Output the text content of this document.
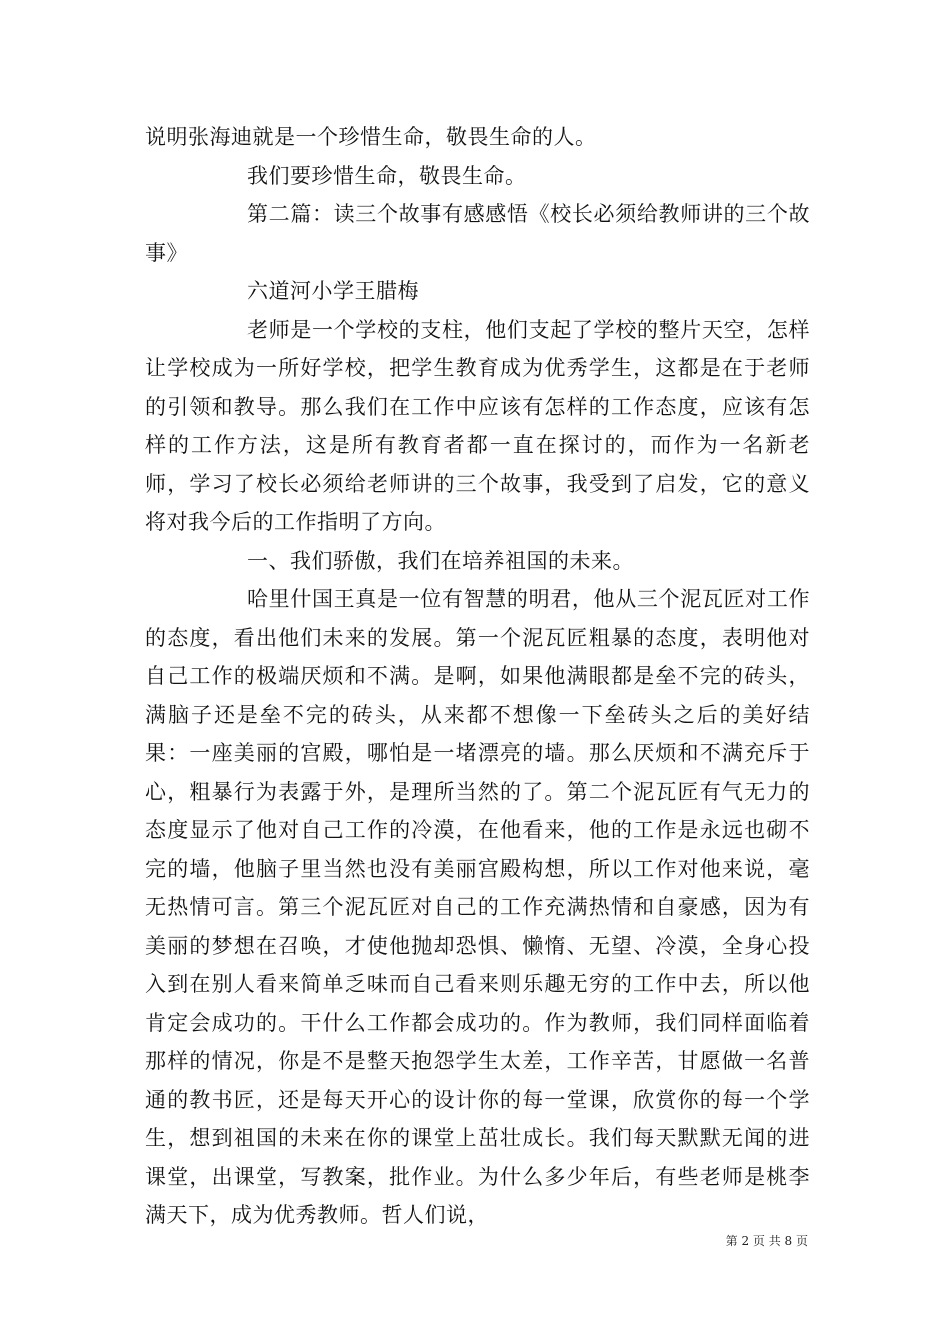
说明张海迪就是一个珍惜生命，敬畏生命的人。

我们要珍惜生命，敬畏生命。

第二篇：读三个故事有感感悟《校长必须给教师讲的三个故事》

六道河小学王腊梅

老师是一个学校的支柱，他们支起了学校的整片天空，怎样让学校成为一所好学校，把学生教育成为优秀学生，这都是在于老师的引领和教导。那么我们在工作中应该有怎样的工作态度，应该有怎样的工作方法，这是所有教育者都一直在探讨的，而作为一名新老师，学习了校长必须给老师讲的三个故事，我受到了启发，它的意义将对我今后的工作指明了方向。

一、我们骄傲，我们在培养祖国的未来。

哈里什国王真是一位有智慧的明君，他从三个泥瓦匠对工作的态度，看出他们未来的发展。第一个泥瓦匠粗暴的态度，表明他对自己工作的极端厌烦和不满。是啊，如果他满眼都是垒不完的砖头，满脑子还是垒不完的砖头，从来都不想像一下垒砖头之后的美好结果：一座美丽的宫殿，哪怕是一堵漂亮的墙。那么厌烦和不满充斥于心，粗暴行为表露于外，是理所当然的了。第二个泥瓦匠有气无力的态度显示了他对自己工作的冷漠，在他看来，他的工作是永远也砌不完的墙，他脑子里当然也没有美丽宫殿构想，所以工作对他来说，毫无热情可言。第三个泥瓦匠对自己的工作充满热情和自豪感，因为有美丽的梦想在召唤，才使他抛却恐惧、懒惰、无望、冷漠，全身心投入到在别人看来简单乏味而自己看来则乐趣无穷的工作中去，所以他肯定会成功的。干什么工作都会成功的。作为教师，我们同样面临着那样的情况，你是不是整天抱怨学生太差，工作辛苦，甘愿做一名普通的教书匠，还是每天开心的设计你的每一堂课，欣赏你的每一个学生，想到祖国的未来在你的课堂上茁壮成长。我们每天默默无闻的进课堂，出课堂，写教案，批作业。为什么多少年后，有些老师是桃李满天下，成为优秀教师。哲人们说，

第 2 页 共 8 页
